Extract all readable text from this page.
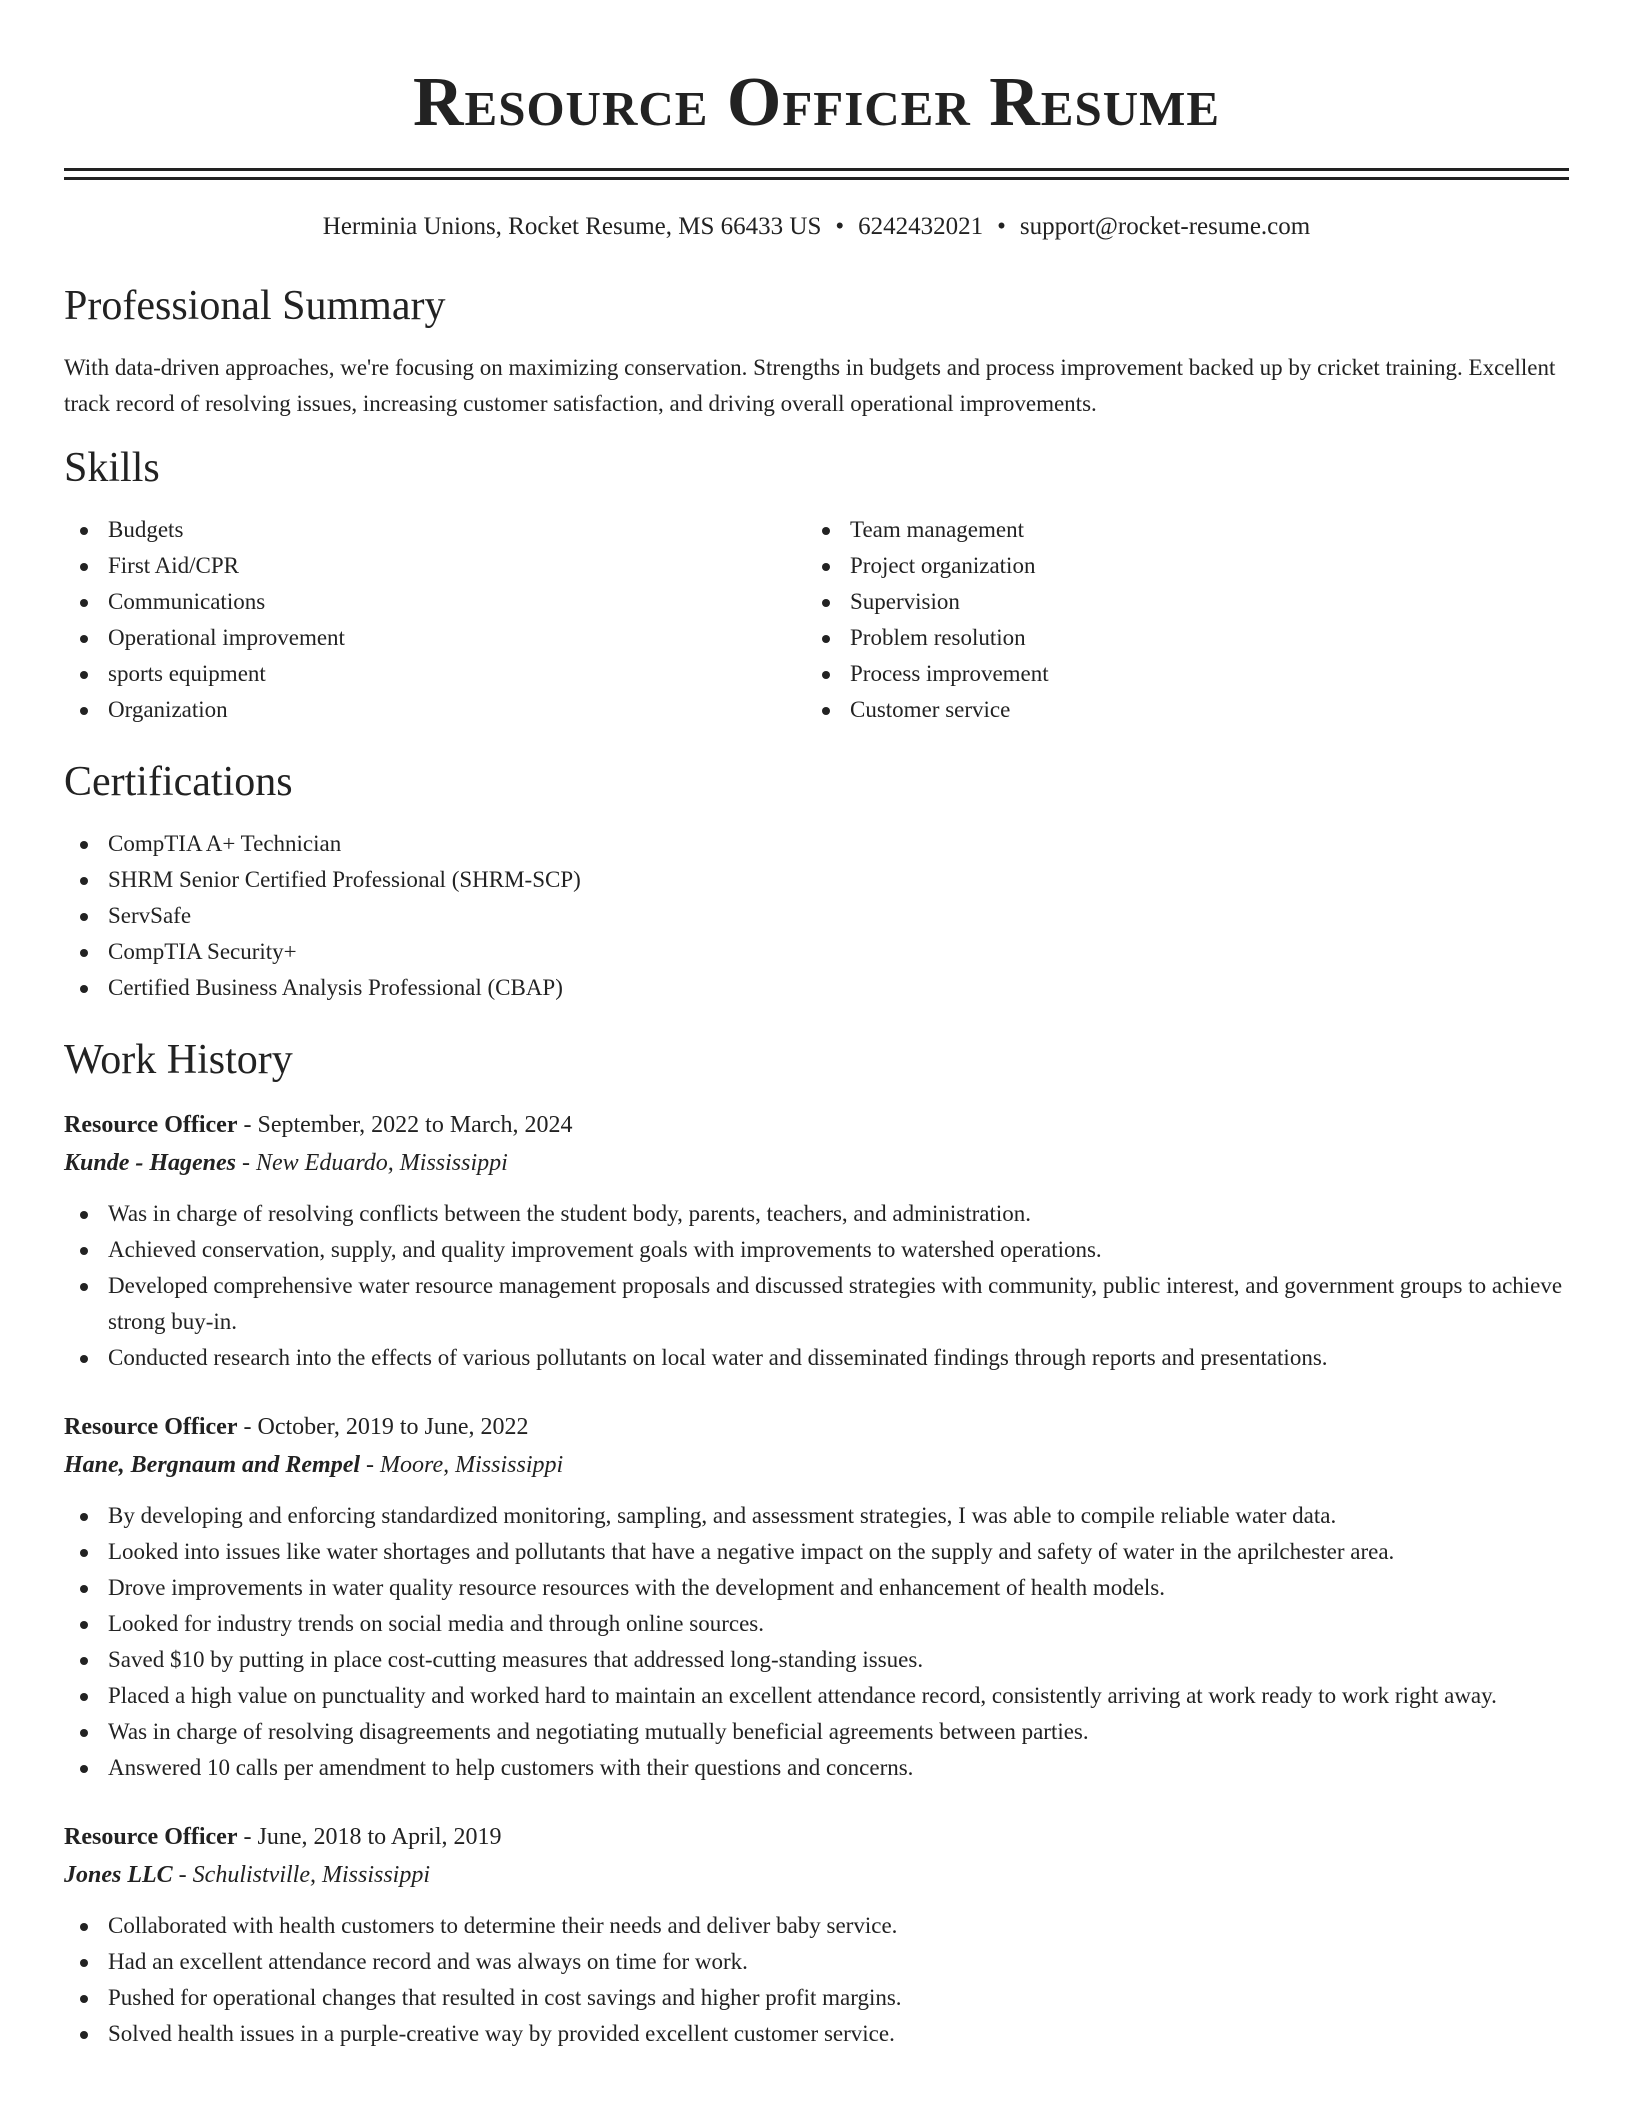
Resource Officer Resume
Herminia Unions, Rocket Resume, MS 66433 US • 6242432021 • support@rocket-resume.com
Professional Summary

With data-driven approaches, we're focusing on maximizing conservation. Strengths in budgets and process improvement backed up by cricket training. Excellent track record of resolving issues, increasing customer satisfaction, and driving overall operational improvements.

Skills
Budgets
First Aid/CPR
Communications
Operational improvement
sports equipment
Organization
Team management
Project organization
Supervision
Problem resolution
Process improvement
Customer service
Certifications
CompTIA A+ Technician
SHRM Senior Certified Professional (SHRM-SCP)
ServSafe
CompTIA Security+
Certified Business Analysis Professional (CBAP)
Work History
Resource Officer - September, 2022 to March, 2024
Kunde - Hagenes - New Eduardo, Mississippi
Was in charge of resolving conflicts between the student body, parents, teachers, and administration.
Achieved conservation, supply, and quality improvement goals with improvements to watershed operations.
Developed comprehensive water resource management proposals and discussed strategies with community, public interest, and government groups to achieve strong buy-in.
Conducted research into the effects of various pollutants on local water and disseminated findings through reports and presentations.
Resource Officer - October, 2019 to June, 2022
Hane, Bergnaum and Rempel - Moore, Mississippi
By developing and enforcing standardized monitoring, sampling, and assessment strategies, I was able to compile reliable water data.
Looked into issues like water shortages and pollutants that have a negative impact on the supply and safety of water in the aprilchester area.
Drove improvements in water quality resource resources with the development and enhancement of health models.
Looked for industry trends on social media and through online sources.
Saved $10 by putting in place cost-cutting measures that addressed long-standing issues.
Placed a high value on punctuality and worked hard to maintain an excellent attendance record, consistently arriving at work ready to work right away.
Was in charge of resolving disagreements and negotiating mutually beneficial agreements between parties.
Answered 10 calls per amendment to help customers with their questions and concerns.
Resource Officer - June, 2018 to April, 2019
Jones LLC - Schulistville, Mississippi
Collaborated with health customers to determine their needs and deliver baby service.
Had an excellent attendance record and was always on time for work.
Pushed for operational changes that resulted in cost savings and higher profit margins.
Solved health issues in a purple-creative way by provided excellent customer service.
